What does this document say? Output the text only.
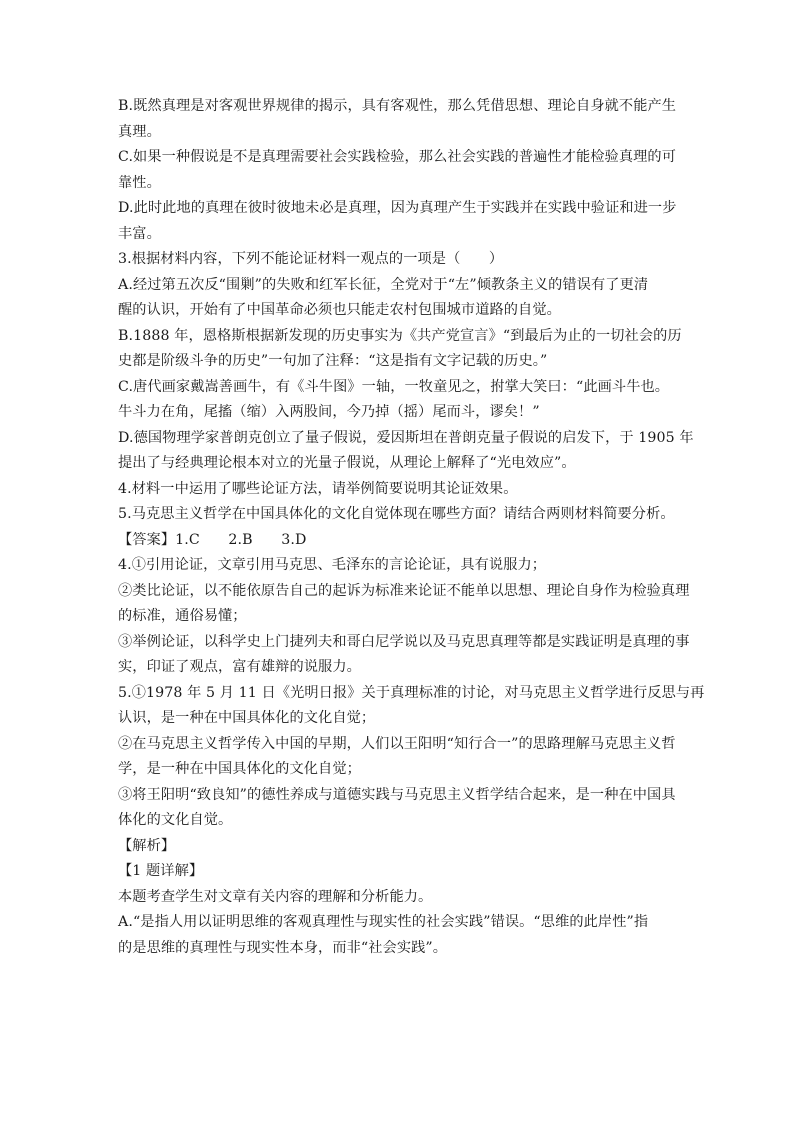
B.既然真理是对客观世界规律的揭示，具有客观性，那么凭借思想、理论自身就不能产生
真理。
C.如果一种假说是不是真理需要社会实践检验，那么社会实践的普遍性才能检验真理的可
靠性。
D.此时此地的真理在彼时彼地未必是真理，因为真理产生于实践并在实践中验证和进一步
丰富。
3.根据材料内容，下列不能论证材料一观点的一项是（　　）
A.经过第五次反“围剿”的失败和红军长征，全党对于“左”倾教条主义的错误有了更清
醒的认识，开始有了中国革命必须也只能走农村包围城市道路的自觉。
B.1888 年，恩格斯根据新发现的历史事实为《共产党宣言》“到最后为止的一切社会的历
史都是阶级斗争的历史”一句加了注释：“这是指有文字记载的历史。”
C.唐代画家戴嵩善画牛，有《斗牛图》一轴，一牧童见之，拊掌大笑曰：“此画斗牛也。
牛斗力在角，尾搐（缩）入两股间，今乃掉（摇）尾而斗，谬矣！”
D.德国物理学家普朗克创立了量子假说，爱因斯坦在普朗克量子假说的启发下，于 1905 年
提出了与经典理论根本对立的光量子假说，从理论上解释了“光电效应”。
4.材料一中运用了哪些论证方法，请举例简要说明其论证效果。
5.马克思主义哲学在中国具体化的文化自觉体现在哪些方面？请结合两则材料简要分析。
【答案】1.C　　2.B　　3.D
4.①引用论证，文章引用马克思、毛泽东的言论论证，具有说服力；
②类比论证，以不能依原告自己的起诉为标准来论证不能单以思想、理论自身作为检验真理
的标准，通俗易懂；
③举例论证，以科学史上门捷列夫和哥白尼学说以及马克思真理等都是实践证明是真理的事
实，印证了观点，富有雄辩的说服力。
5.①1978 年 5 月 11 日《光明日报》关于真理标准的讨论，对马克思主义哲学进行反思与再
认识，是一种在中国具体化的文化自觉；
②在马克思主义哲学传入中国的早期，人们以王阳明“知行合一”的思路理解马克思主义哲
学，是一种在中国具体化的文化自觉；
③将王阳明“致良知”的德性养成与道德实践与马克思主义哲学结合起来，是一种在中国具
体化的文化自觉。
【解析】
【1 题详解】
本题考查学生对文章有关内容的理解和分析能力。
A.“是指人用以证明思维的客观真理性与现实性的社会实践”错误。“思维的此岸性”指
的是思维的真理性与现实性本身，而非“社会实践”。
